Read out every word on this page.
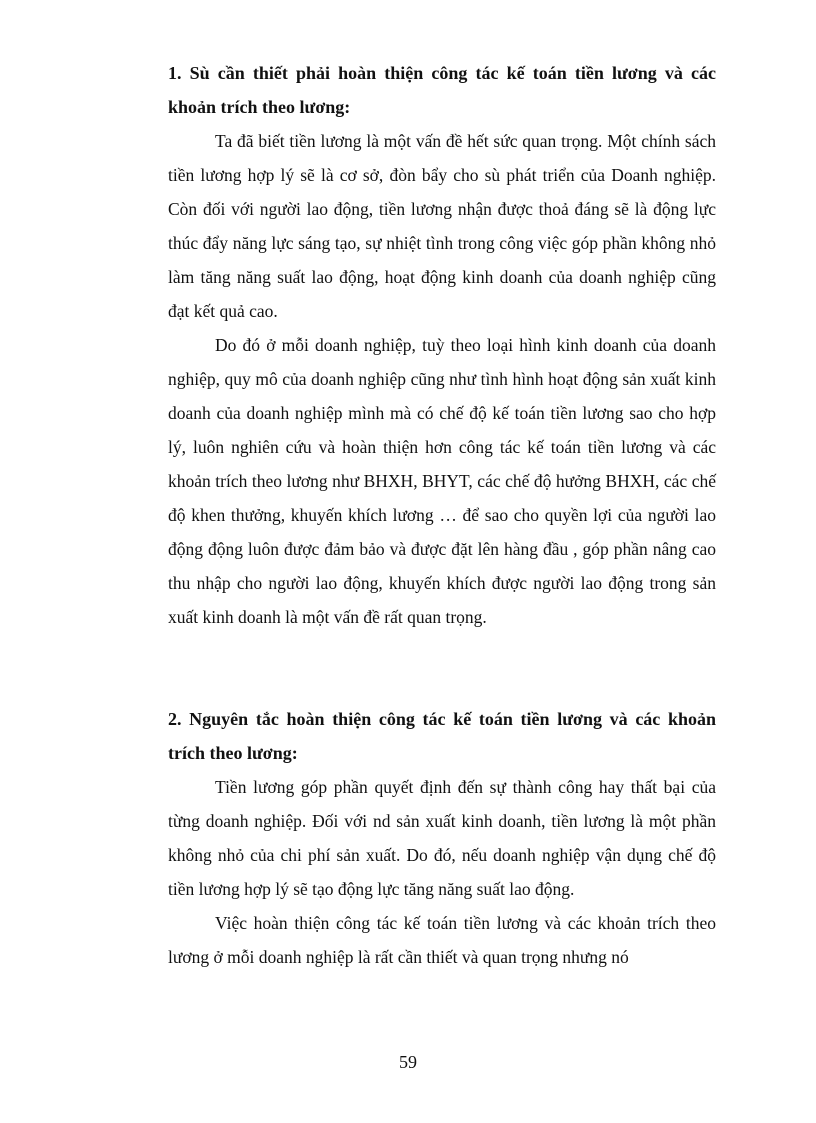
1. Sù cần thiết phải hoàn thiện công tác kế toán tiền lương và các khoản trích theo lương:

Ta đã biết tiền lương là một vấn đề hết sức quan trọng. Một chính sách tiền lương hợp lý sẽ là cơ sở, đòn bẩy cho sù phát triển của Doanh nghiệp. Còn đối với người lao động, tiền lương nhận được thoả đáng sẽ là động lực thúc đẩy năng lực sáng tạo, sự nhiệt tình trong công việc góp phần không nhỏ làm tăng năng suất lao động, hoạt động kinh doanh của doanh nghiệp cũng đạt kết quả cao.

Do đó ở mỗi doanh nghiệp, tuỳ theo loại hình kinh doanh của doanh nghiệp, quy mô của doanh nghiệp cũng như tình hình hoạt động sản xuất kinh doanh của doanh nghiệp mình mà có chế độ kế toán tiền lương sao cho hợp lý, luôn nghiên cứu và hoàn thiện hơn công tác kế toán tiền lương và các khoản trích theo lương như BHXH, BHYT, các chế độ hưởng BHXH, các chế độ khen thưởng, khuyến khích lương … để sao cho quyền lợi của người lao động động luôn được đảm bảo và được đặt lên hàng đầu , góp phần nâng cao thu nhập cho người lao động, khuyến khích được người lao động trong sản xuất kinh doanh là một vấn đề rất quan trọng.

2. Nguyên tắc hoàn thiện công tác kế toán tiền lương và các khoản trích theo lương:

Tiền lương góp phần quyết định đến sự thành công hay thất bại của từng doanh nghiệp. Đối với nd sản xuất kinh doanh, tiền lương là một phần không nhỏ của chi phí sản xuất. Do đó, nếu doanh nghiệp vận dụng chế độ tiền lương hợp lý sẽ tạo động lực tăng năng suất lao động.

Việc hoàn thiện công tác kế toán tiền lương và các khoản trích theo lương ở mỗi doanh nghiệp là rất cần thiết và quan trọng nhưng nó

59
